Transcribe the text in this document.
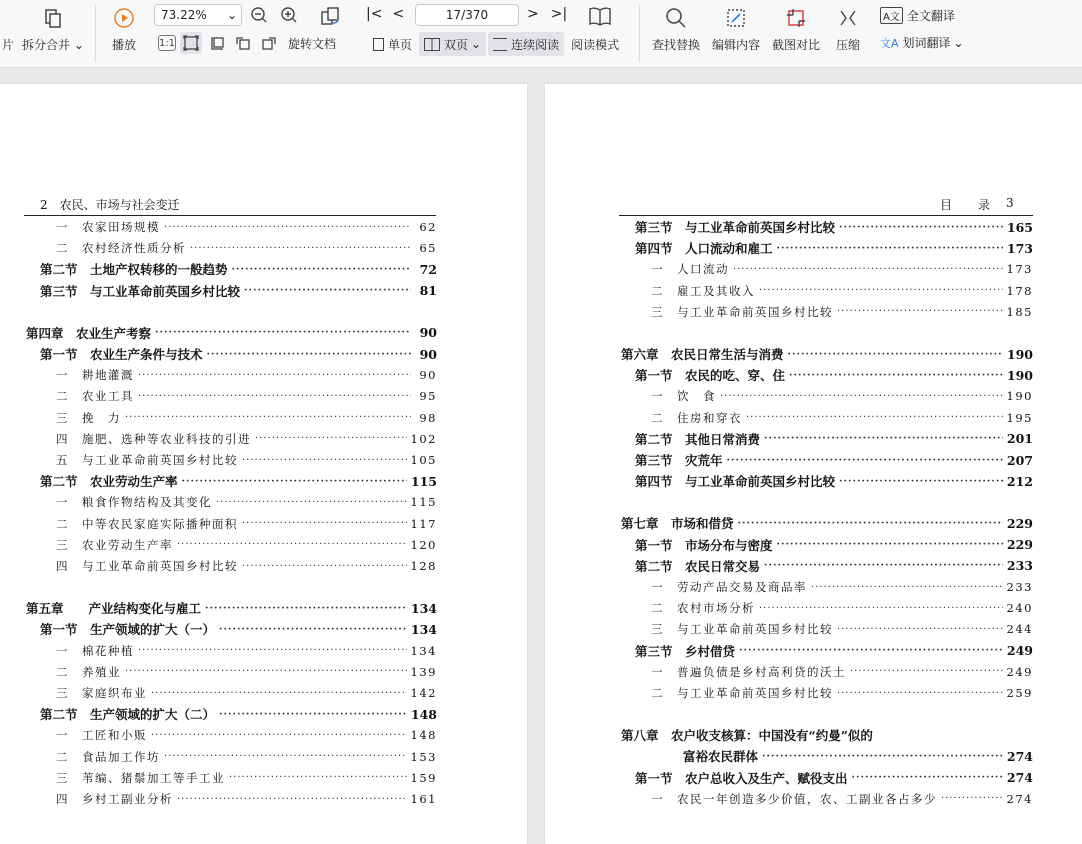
片 拆分合并 ⌄ 播放
73.22% ⌄
1:1	旋转文档
|< <	17/370	> >|
单页	双页 ⌄	连续阅读	阅读模式	查找替换 编辑内容 截图对比 压缩
A文 全文翻译
文A 划词翻译 ⌄
2　农民、市场与社会变迁
一　农家田场规模 ·····	62
二　农村经济性质分析 ·····	65
第二节　土地产权转移的一般趋势 ·····	72
第三节　与工业革命前英国乡村比较 ·····	81
第四章　农业生产考察 ·····	90
第一节　农业生产条件与技术 ·····	90
一　耕地灌溉 ·····	90
二　农业工具 ·····	95
三　挽　力 ·····	98
四　施肥、选种等农业科技的引进 ·····	102
五　与工业革命前英国乡村比较 ·····	105
第二节　农业劳动生产率 ·····	115
一　粮食作物结构及其变化 ·····	115
二　中等农民家庭实际播种面积 ·····	117
三　农业劳动生产率 ·····	120
四　与工业革命前英国乡村比较 ·····	128
第五章　　产业结构变化与雇工 ·····	134
第一节　生产领域的扩大（一） ·····	134
一　棉花种植 ·····	134
二　养殖业 ·····	139
三　家庭织布业 ·····	142
第二节　生产领域的扩大（二） ·····	148
一　工匠和小贩 ·····	148
二　食品加工作坊 ·····	153
三　苇编、猪鬃加工等手工业 ·····	159
四　乡村工副业分析 ·····	161
目 录 3
第三节　与工业革命前英国乡村比较 ·····	165
第四节　人口流动和雇工 ·····	173
一　人口流动 ·····	173
二　雇工及其收入 ·····	178
三　与工业革命前英国乡村比较 ·····	185
第六章　农民日常生活与消费 ·····	190
第一节　农民的吃、穿、住 ·····	190
一　饮　食 ·····	190
二　住房和穿衣 ·····	195
第二节　其他日常消费 ·····	201
第三节　灾荒年 ·····	207
第四节　与工业革命前英国乡村比较 ·····	212
第七章　市场和借贷 ·····	229
第一节　市场分布与密度 ·····	229
第二节　农民日常交易 ·····	233
一　劳动产品交易及商品率 ·····	233
二　农村市场分析 ·····	240
三　与工业革命前英国乡村比较 ·····	244
第三节　乡村借贷 ·····	249
一　普遍负债是乡村高利贷的沃土 ·····	249
二　与工业革命前英国乡村比较 ·····	259
第八章　农户收支核算：中国没有“约曼”似的
富裕农民群体 ·····	274
第一节　农户总收入及生产、赋役支出 ·····	274
一　农民一年创造多少价值，农、工副业各占多少 ·····	274
